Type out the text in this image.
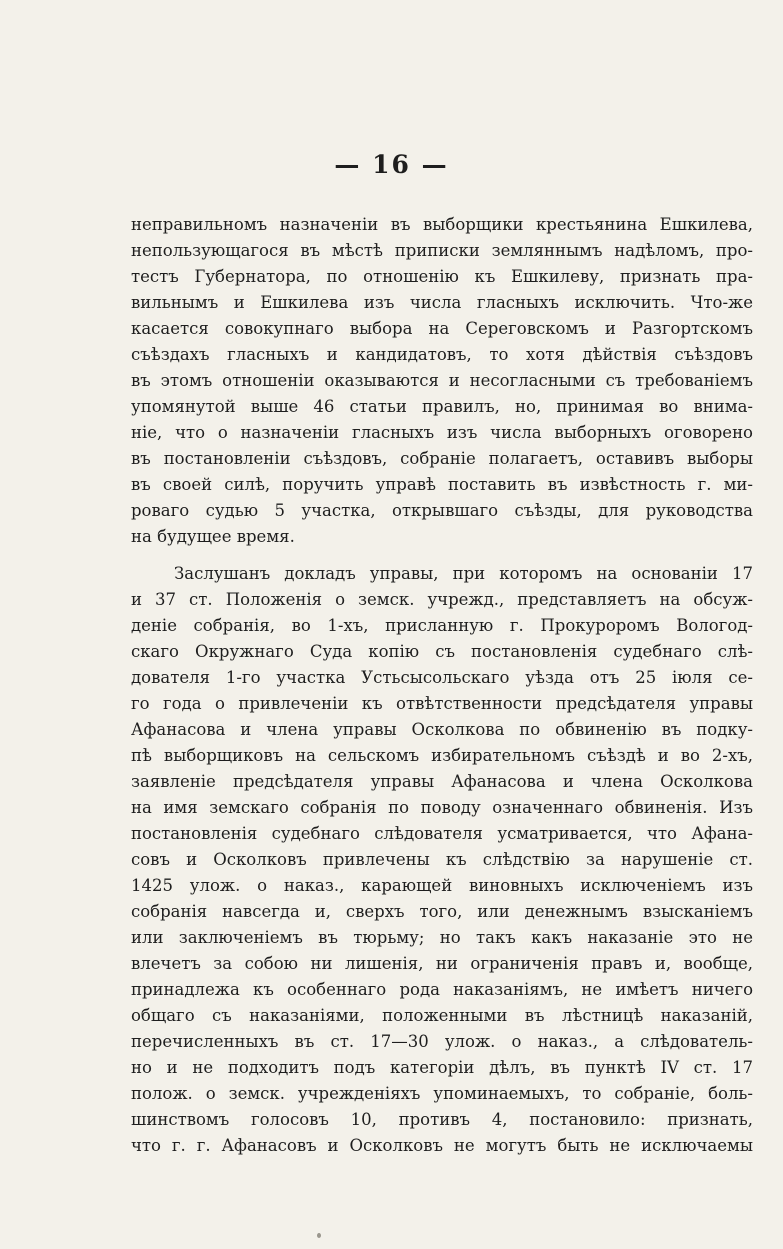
— 16 —
неправильномъ назначеніи въ выборщики крестьянина Ешкилева,
непользующагося въ мѣстѣ приписки земляннымъ надѣломъ, про-
тестъ Губернатора, по отношенію къ Ешкилеву, признать пра-
вильнымъ и Ешкилева изъ числа гласныхъ исключить. Что-же
касается совокупнаго выбора на Сереговскомъ и Разгортскомъ
съѣздахъ гласныхъ и кандидатовъ, то хотя дѣйствія съѣздовъ
въ этомъ отношеніи оказываются и несогласными съ требованіемъ
упомянутой выше 46 статьи правилъ, но, принимая во внима-
ніе, что о назначеніи гласныхъ изъ числа выборныхъ оговорено
въ постановленіи съѣздовъ, собраніе полагаетъ, оставивъ выборы
въ своей силѣ, поручить управѣ поставить въ извѣстность г. ми-
роваго судью 5 участка, открывшаго съѣзды, для руководства
на будущее время.
Заслушанъ докладъ управы, при которомъ на основаніи 17
и 37 ст. Положенія о земск. учрежд., представляетъ на обсуж-
деніе собранія, во 1-хъ, присланную г. Прокуроромъ Вологод-
скаго Окружнаго Суда копію съ постановленія судебнаго слѣ-
дователя 1-го участка Устьсысольскаго уѣзда отъ 25 іюля се-
го года о привлеченіи къ отвѣтственности предсѣдателя управы
Афанасова и члена управы Осколкова по обвиненію въ подку-
пѣ выборщиковъ на сельскомъ избирательномъ съѣздѣ и во 2-хъ,
заявленіе предсѣдателя управы Афанасова и члена Осколкова
на имя земскаго собранія по поводу означеннаго обвиненія. Изъ
постановленія судебнаго слѣдователя усматривается, что Афана-
совъ и Осколковъ привлечены къ слѣдствію за нарушеніе ст.
1425 улож. о наказ., карающей виновныхъ исключеніемъ изъ
собранія навсегда и, сверхъ того, или денежнымъ взысканіемъ
или заключеніемъ въ тюрьму; но такъ какъ наказаніе это не
влечетъ за собою ни лишенія, ни ограниченія правъ и, вообще,
принадлежа къ особеннаго рода наказаніямъ, не имѣетъ ничего
общаго съ наказаніями, положенными въ лѣстницѣ наказаній,
перечисленныхъ въ ст. 17—30 улож. о наказ., а слѣдователь-
но и не подходитъ подъ категоріи дѣлъ, въ пунктѣ IV ст. 17
полож. о земск. учрежденіяхъ упоминаемыхъ, то собраніе, боль-
шинствомъ голосовъ 10, противъ 4, постановило: признать,
что г. г. Афанасовъ и Осколковъ не могутъ быть не исключаемы
